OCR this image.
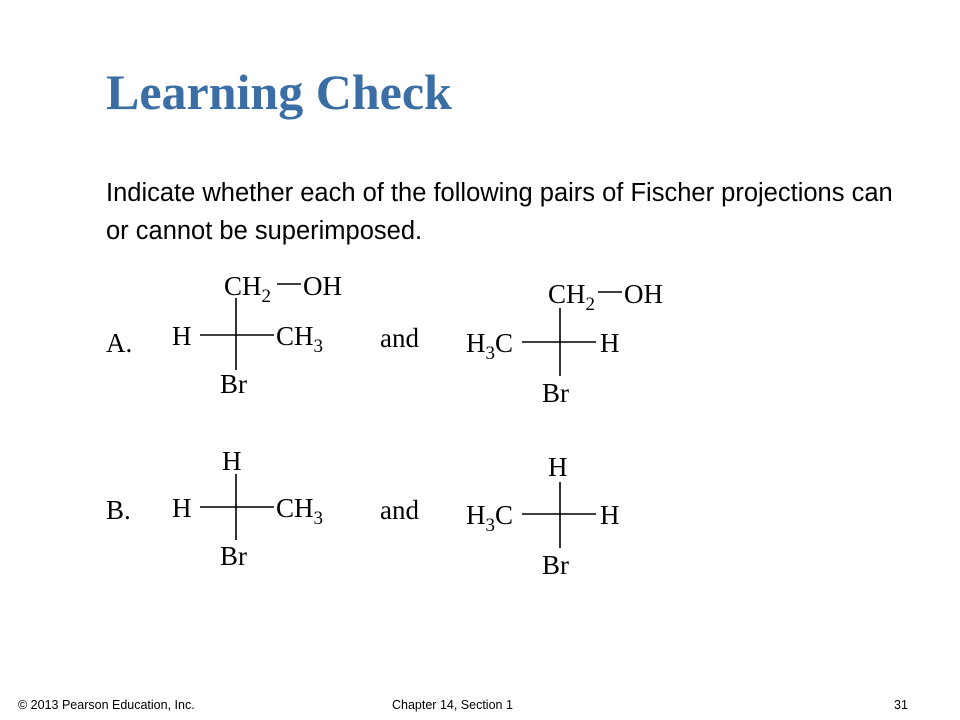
Learning Check
Indicate whether each of the following pairs of Fischer projections can or cannot be superimposed.
A.
$CH_2$ OH
H	$CH_3$
Br
and
$CH_2$ OH
$H_3C$	H
Br
B.
H
H	$CH_3$
Br
and
H
$H_3C$	H
Br
© 2013 Pearson Education, Inc.	Chapter 14, Section 1	31
